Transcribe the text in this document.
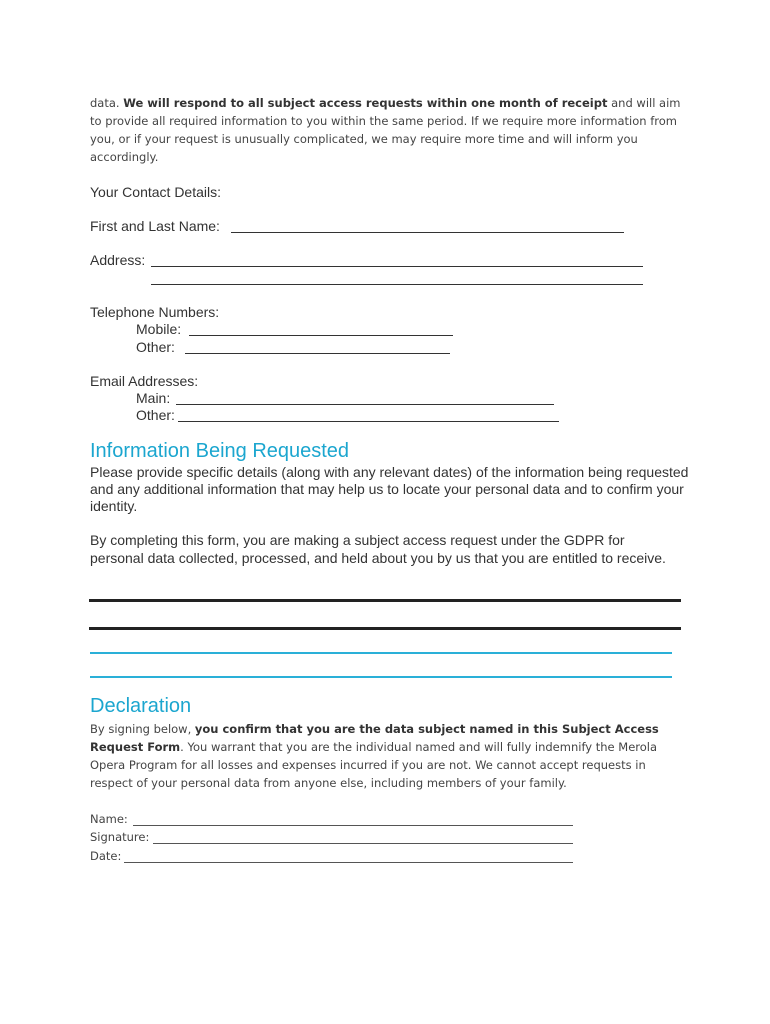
data. We will respond to all subject access requests within one month of receipt and will aim to provide all required information to you within the same period. If we require more information from you, or if your request is unusually complicated, we may require more time and will inform you accordingly.
Your Contact Details:
First and Last Name:
Address:
Telephone Numbers:
Mobile:
Other:
Email Addresses:
Main:
Other:
Information Being Requested
Please provide specific details (along with any relevant dates) of the information being requested and any additional information that may help us to locate your personal data and to confirm your identity.
By completing this form, you are making a subject access request under the GDPR for personal data collected, processed, and held about you by us that you are entitled to receive.
Declaration
By signing below, you confirm that you are the data subject named in this Subject Access Request Form. You warrant that you are the individual named and will fully indemnify the Merola Opera Program for all losses and expenses incurred if you are not. We cannot accept requests in respect of your personal data from anyone else, including members of your family.
Name:
Signature:
Date:
